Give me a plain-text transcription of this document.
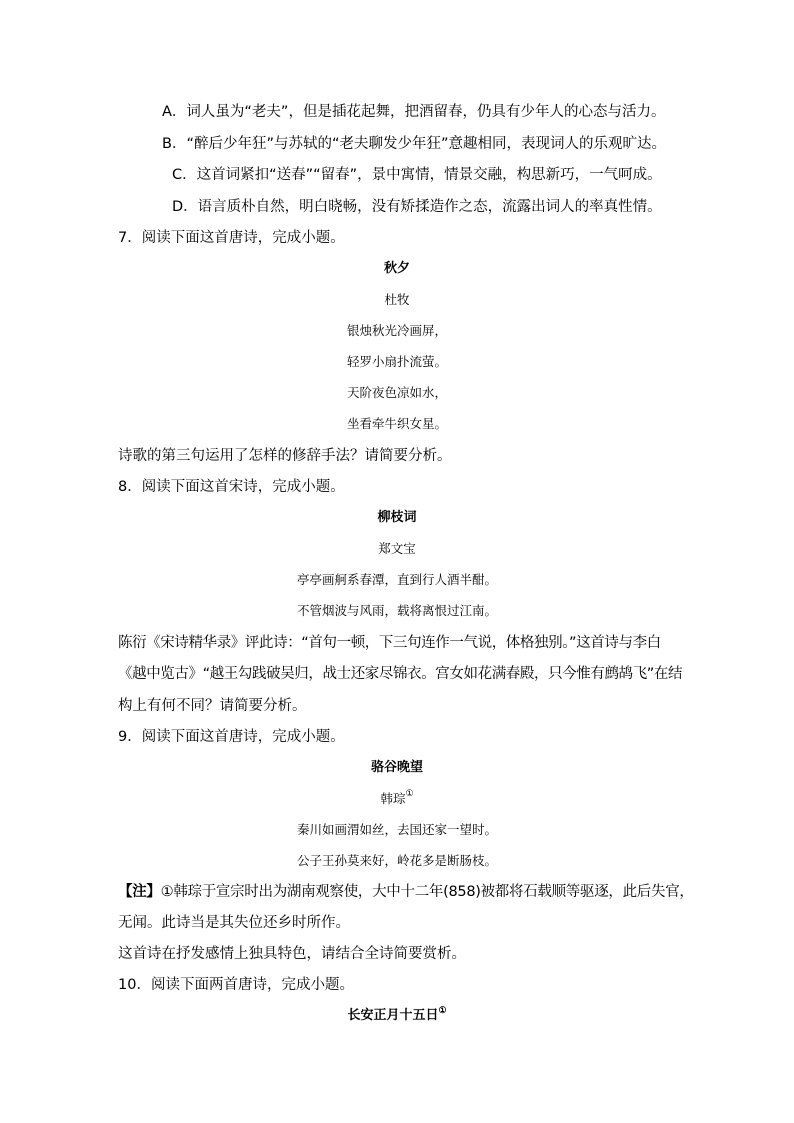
A．词人虽为“老夫”，但是插花起舞，把酒留春，仍具有少年人的心态与活力。
B．“醉后少年狂”与苏轼的“老夫聊发少年狂”意趣相同，表现词人的乐观旷达。
C．这首词紧扣“送春”“留春”，景中寓情，情景交融，构思新巧，一气呵成。
D．语言质朴自然，明白晓畅，没有矫揉造作之态，流露出词人的率真性情。
7．阅读下面这首唐诗，完成小题。
秋夕
杜牧
银烛秋光冷画屏，
轻罗小扇扑流萤。
天阶夜色凉如水，
坐看牵牛织女星。
诗歌的第三句运用了怎样的修辞手法？请简要分析。
8．阅读下面这首宋诗，完成小题。
柳枝词
郑文宝
亭亭画舸系春潭，直到行人酒半酣。
不管烟波与风雨，载将离恨过江南。
陈衍《宋诗精华录》评此诗：“首句一顿，下三句连作一气说，体格独别。”这首诗与李白
《越中览古》“越王勾践破吴归，战士还家尽锦衣。宫女如花满春殿，只今惟有鹧鸪飞”在结
构上有何不同？请简要分析。
9．阅读下面这首唐诗，完成小题。
骆谷晚望
韩琮①
秦川如画渭如丝，去国还家一望时。
公子王孙莫来好，岭花多是断肠枝。
【注】①韩琮于宣宗时出为湖南观察使，大中十二年(858)被都将石载顺等驱逐，此后失官，
无闻。此诗当是其失位还乡时所作。
这首诗在抒发感情上独具特色，请结合全诗简要赏析。
10．阅读下面两首唐诗，完成小题。
长安正月十五日①
